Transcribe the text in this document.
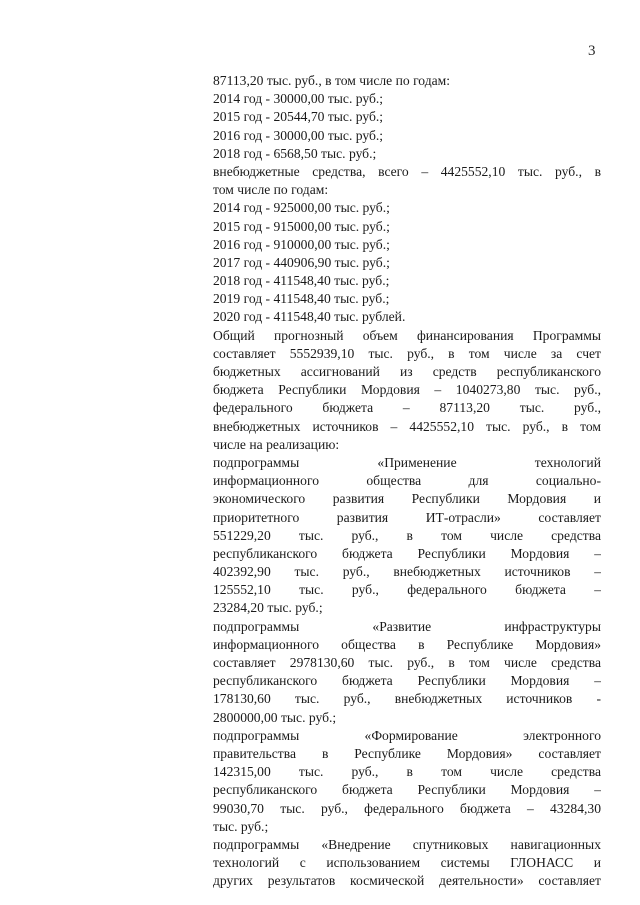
3
87113,20 тыс. руб., в том числе по годам:
2014 год - 30000,00 тыс. руб.;
2015 год - 20544,70 тыс. руб.;
2016 год - 30000,00 тыс. руб.;
2018 год - 6568,50 тыс. руб.;
внебюджетные средства, всего – 4425552,10 тыс. руб., в
том числе по годам:
2014 год - 925000,00 тыс. руб.;
2015 год - 915000,00 тыс. руб.;
2016 год - 910000,00 тыс. руб.;
2017 год - 440906,90 тыс. руб.;
2018 год - 411548,40 тыс. руб.;
2019 год - 411548,40 тыс. руб.;
2020 год - 411548,40 тыс. рублей.
Общий прогнозный объем финансирования Программы
составляет 5552939,10 тыс. руб., в том числе за счет
бюджетных ассигнований из средств республиканского
бюджета Республики Мордовия – 1040273,80 тыс. руб.,
федерального бюджета – 87113,20 тыс. руб.,
внебюджетных источников – 4425552,10 тыс. руб., в том
числе на реализацию:
подпрограммы «Применение технологий
информационного общества для социально-
экономического развития Республики Мордовия и
приоритетного развития ИТ-отрасли» составляет
551229,20 тыс. руб., в том числе средства
республиканского бюджета Республики Мордовия –
402392,90 тыс. руб., внебюджетных источников –
125552,10 тыс. руб., федерального бюджета –
23284,20 тыс. руб.;
подпрограммы «Развитие инфраструктуры
информационного общества в Республике Мордовия»
составляет 2978130,60 тыс. руб., в том числе средства
республиканского бюджета Республики Мордовия –
178130,60 тыс. руб., внебюджетных источников -
2800000,00 тыс. руб.;
подпрограммы «Формирование электронного
правительства в Республике Мордовия» составляет
142315,00 тыс. руб., в том числе средства
республиканского бюджета Республики Мордовия –
99030,70 тыс. руб., федерального бюджета – 43284,30
тыс. руб.;
подпрограммы «Внедрение спутниковых навигационных
технологий с использованием системы ГЛОНАСС и
других результатов космической деятельности» составляет
